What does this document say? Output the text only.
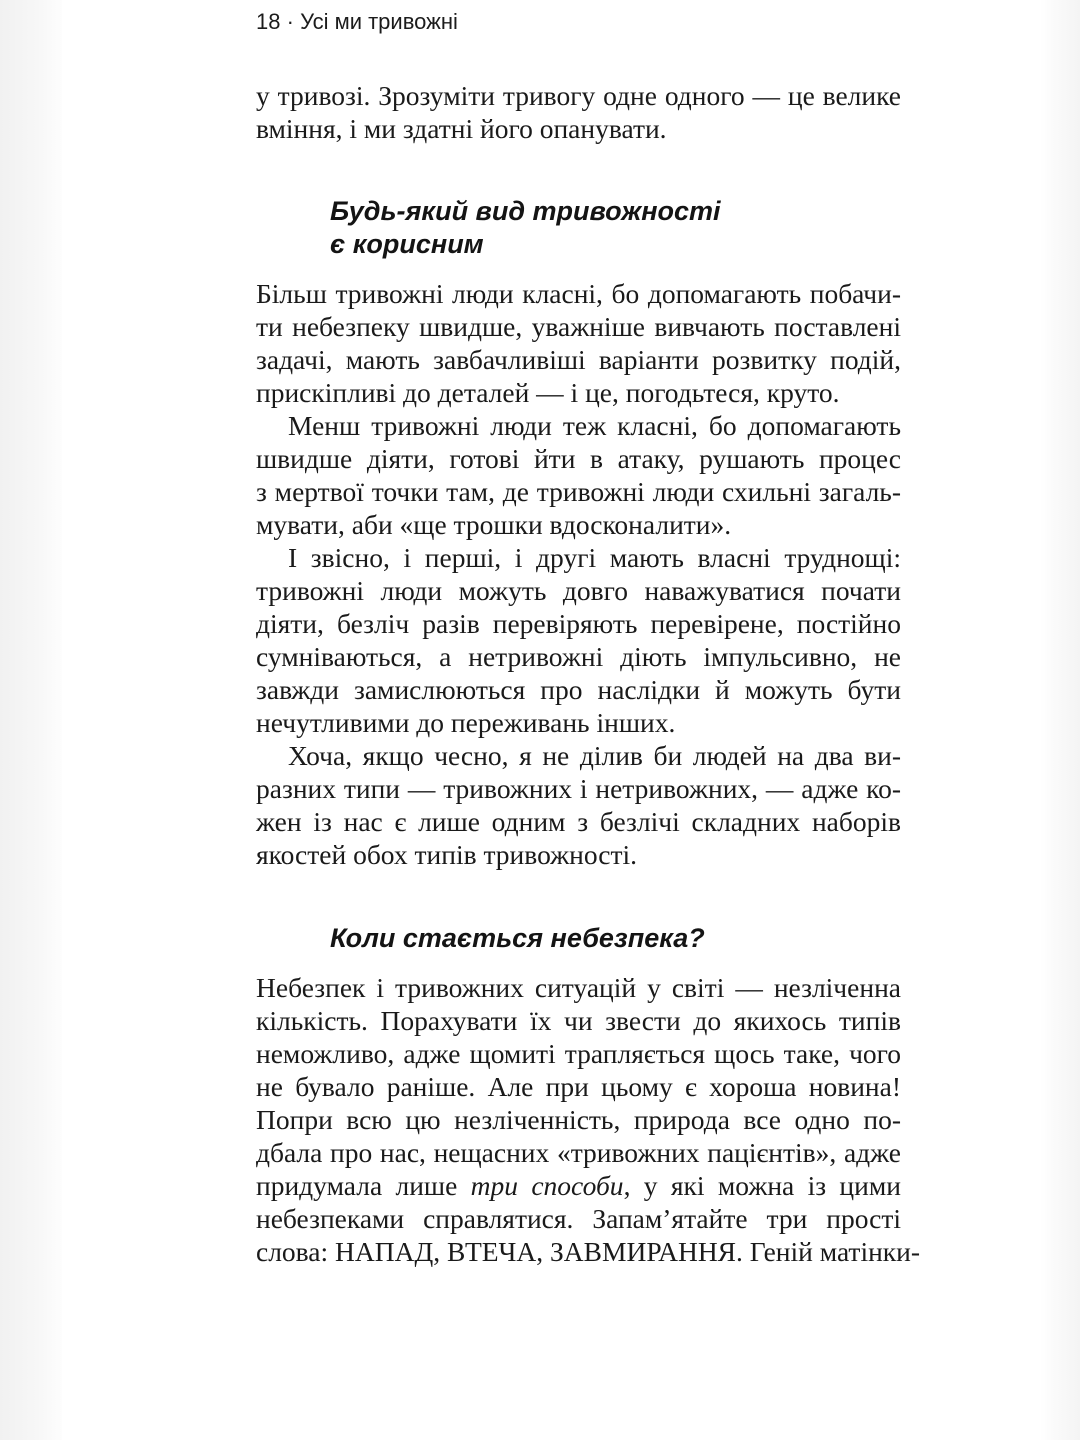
18 · Усі ми тривожні
у тривозі. Зрозуміти тривогу одне одного — це велике
вміння, і ми здатні його опанувати.
Будь-який вид тривожності
є корисним
Більш тривожні люди класні, бо допомагають побачи-
ти небезпеку швидше, уважніше вивчають поставлені
задачі, мають завбачливіші варіанти розвитку подій,
прискіпливі до деталей — і це, погодьтеся, круто.
Менш тривожні люди теж класні, бо допомагають
швидше діяти, готові йти в атаку, рушають процес
з мертвої точки там, де тривожні люди схильні загаль-
мувати, аби «ще трошки вдосконалити».
І звісно, і перші, і другі мають власні труднощі:
тривожні люди можуть довго наважуватися почати
діяти, безліч разів перевіряють перевірене, постійно
сумніваються, а нетривожні діють імпульсивно, не
завжди замислюються про наслідки й можуть бути
нечутливими до переживань інших.
Хоча, якщо чесно, я не ділив би людей на два ви-
разних типи — тривожних і нетривожних, — адже ко-
жен із нас є лише одним з безлічі складних наборів
якостей обох типів тривожності.
Коли стається небезпека?
Небезпек і тривожних ситуацій у світі — незліченна
кількість. Порахувати їх чи звести до якихось типів
неможливо, адже щомиті трапляється щось таке, чого
не бувало раніше. Але при цьому є хороша новина!
Попри всю цю незліченність, природа все одно по-
дбала про нас, нещасних «тривожних пацієнтів», адже
придумала лише три способи, у які можна із цими
небезпеками справлятися. Запам’ятайте три прості
слова: НАПАД, ВТЕЧА, ЗАВМИРАННЯ. Геній матінки-
